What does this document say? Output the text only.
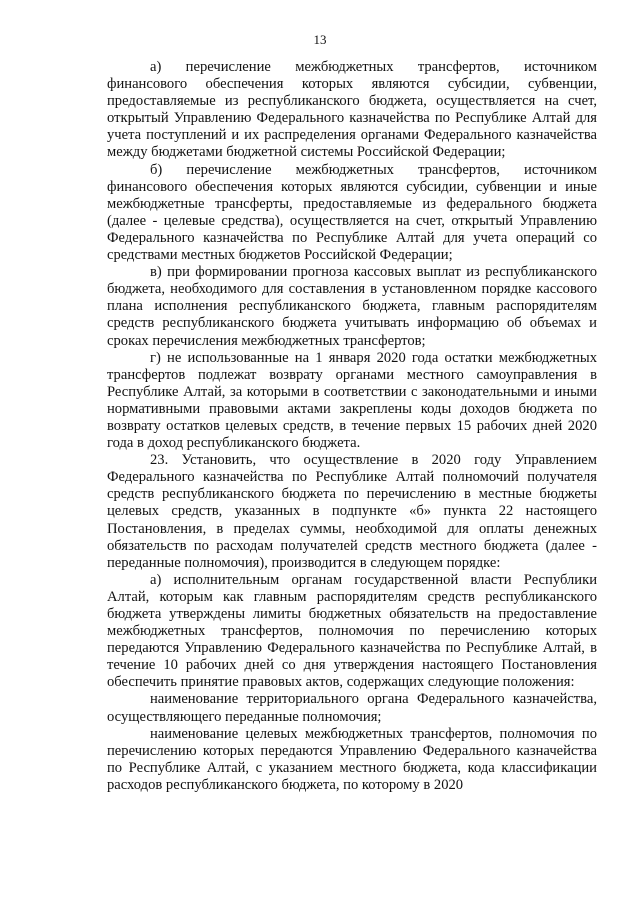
13

а) перечисление межбюджетных трансфертов, источником финансового обеспечения которых являются субсидии, субвенции, предоставляемые из республиканского бюджета, осуществляется на счет, открытый Управлению Федерального казначейства по Республике Алтай для учета поступлений и их распределения органами Федерального казначейства между бюджетами бюджетной системы Российской Федерации;

б) перечисление межбюджетных трансфертов, источником финансового обеспечения которых являются субсидии, субвенции и иные межбюджетные трансферты, предоставляемые из федерального бюджета (далее - целевые средства), осуществляется на счет, открытый Управлению Федерального казначейства по Республике Алтай для учета операций со средствами местных бюджетов Российской Федерации;

в) при формировании прогноза кассовых выплат из республиканского бюджета, необходимого для составления в установленном порядке кассового плана исполнения республиканского бюджета, главным распорядителям средств республиканского бюджета учитывать информацию об объемах и сроках перечисления межбюджетных трансфертов;

г) не использованные на 1 января 2020 года остатки межбюджетных трансфертов подлежат возврату органами местного самоуправления в Республике Алтай, за которыми в соответствии с законодательными и иными нормативными правовыми актами закреплены коды доходов бюджета по возврату остатков целевых средств, в течение первых 15 рабочих дней 2020 года в доход республиканского бюджета.

23. Установить, что осуществление в 2020 году Управлением Федерального казначейства по Республике Алтай полномочий получателя средств республиканского бюджета по перечислению в местные бюджеты целевых средств, указанных в подпункте «б» пункта 22 настоящего Постановления, в пределах суммы, необходимой для оплаты денежных обязательств по расходам получателей средств местного бюджета (далее - переданные полномочия), производится в следующем порядке:

а) исполнительным органам государственной власти Республики Алтай, которым как главным распорядителям средств республиканского бюджета утверждены лимиты бюджетных обязательств на предоставление межбюджетных трансфертов, полномочия по перечислению которых передаются Управлению Федерального казначейства по Республике Алтай, в течение 10 рабочих дней со дня утверждения настоящего Постановления обеспечить принятие правовых актов, содержащих следующие положения:

наименование территориального органа Федерального казначейства, осуществляющего переданные полномочия;

наименование целевых межбюджетных трансфертов, полномочия по перечислению которых передаются Управлению Федерального казначейства по Республике Алтай, с указанием местного бюджета, кода классификации расходов республиканского бюджета, по которому в 2020
